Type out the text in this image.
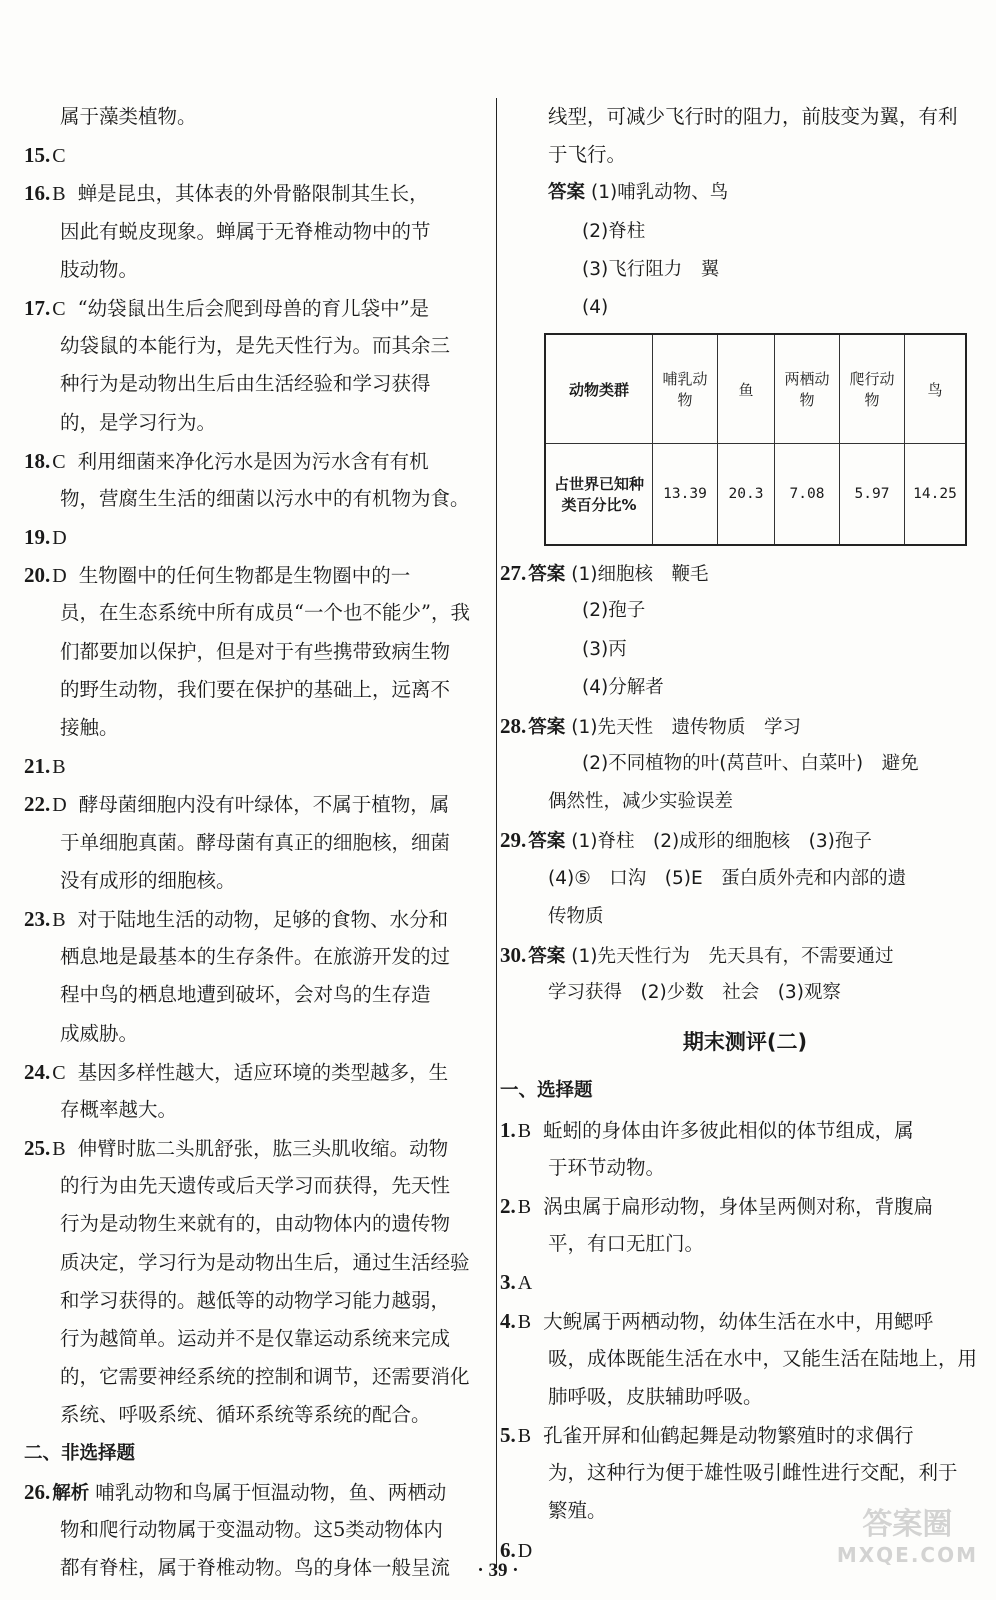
属于藻类植物。
15. C
16. B 蝉是昆虫，其体表的外骨骼限制其生长，
因此有蜕皮现象。蝉属于无脊椎动物中的节
肢动物。
17. C “幼袋鼠出生后会爬到母兽的育儿袋中”是
幼袋鼠的本能行为，是先天性行为。而其余三
种行为是动物出生后由生活经验和学习获得
的，是学习行为。
18. C 利用细菌来净化污水是因为污水含有有机
物，营腐生生活的细菌以污水中的有机物为食。
19. D
20. D 生物圈中的任何生物都是生物圈中的一
员，在生态系统中所有成员“一个也不能少”，我
们都要加以保护，但是对于有些携带致病生物
的野生动物，我们要在保护的基础上，远离不
接触。
21. B
22. D 酵母菌细胞内没有叶绿体，不属于植物，属
于单细胞真菌。酵母菌有真正的细胞核，细菌
没有成形的细胞核。
23. B 对于陆地生活的动物，足够的食物、水分和
栖息地是最基本的生存条件。在旅游开发的过
程中鸟的栖息地遭到破坏，会对鸟的生存造
成威胁。
24. C 基因多样性越大，适应环境的类型越多，生
存概率越大。
25. B 伸臂时肱二头肌舒张，肱三头肌收缩。动物
的行为由先天遗传或后天学习而获得，先天性
行为是动物生来就有的，由动物体内的遗传物
质决定，学习行为是动物出生后，通过生活经验
和学习获得的。越低等的动物学习能力越弱，
行为越简单。运动并不是仅靠运动系统来完成
的，它需要神经系统的控制和调节，还需要消化
系统、呼吸系统、循环系统等系统的配合。
二、非选择题
26. 解析 哺乳动物和鸟属于恒温动物，鱼、两栖动
物和爬行动物属于变温动物。这5类动物体内
都有脊柱，属于脊椎动物。鸟的身体一般呈流
线型，可减少飞行时的阻力，前肢变为翼，有利
于飞行。
答案 (1)哺乳动物、鸟
(2)脊柱
(3)飞行阻力　翼
(4)
动物类群	哺乳动物	鱼	两栖动物	爬行动物	鸟
占世界已知种类百分比%	13.39	20.3	7.08	5.97	14.25
27. 答案 (1)细胞核　鞭毛
(2)孢子
(3)丙
(4)分解者
28. 答案 (1)先天性　遗传物质　学习
(2)不同植物的叶(莴苣叶、白菜叶)　避免
偶然性，减少实验误差
29. 答案 (1)脊柱　(2)成形的细胞核　(3)孢子
(4)⑤　口沟　(5)E　蛋白质外壳和内部的遗
传物质
30. 答案 (1)先天性行为　先天具有，不需要通过
学习获得　(2)少数　社会　(3)观察
期末测评(二)
一、选择题
1. B 蚯蚓的身体由许多彼此相似的体节组成，属
于环节动物。
2. B 涡虫属于扁形动物，身体呈两侧对称，背腹扁
平，有口无肛门。
3. A
4. B 大鲵属于两栖动物，幼体生活在水中，用鳃呼
吸，成体既能生活在水中，又能生活在陆地上，用
肺呼吸，皮肤辅助呼吸。
5. B 孔雀开屏和仙鹤起舞是动物繁殖时的求偶行
为，这种行为便于雄性吸引雌性进行交配，利于
繁殖。
6. D
答案圈
MXQE.COM
· 39 ·
